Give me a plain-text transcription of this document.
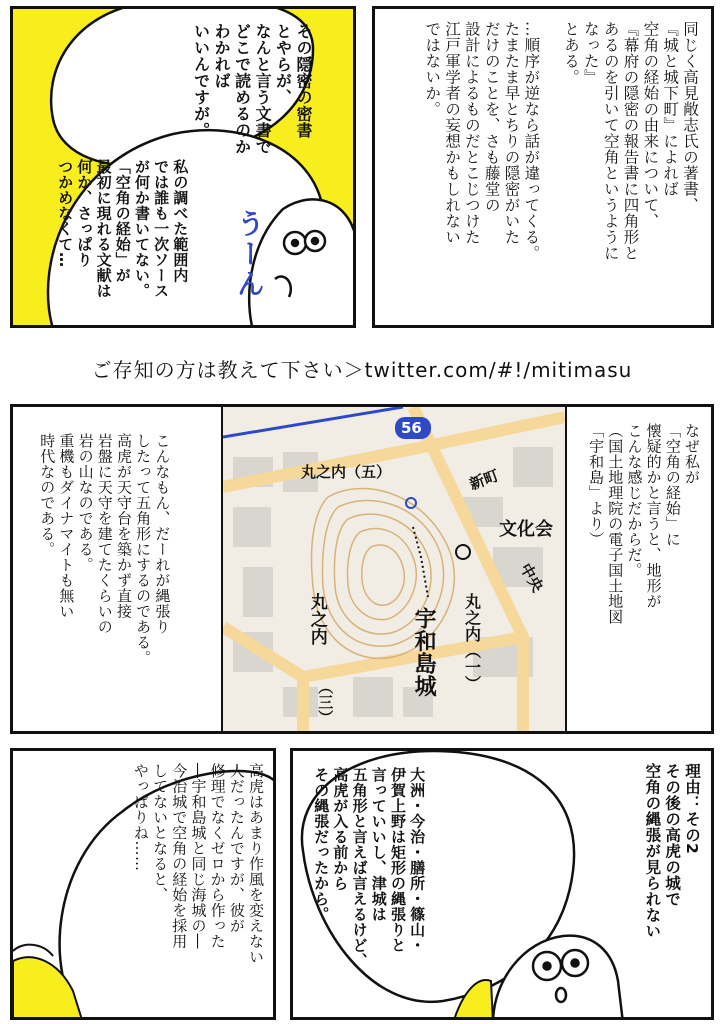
その隠密の密書
とやらが、
なんと言う文書で
どこで読めるのか
わかれば
いいんですが。
私の調べた範囲内
では誰も一次ソース
が何か書いてない。
「空角の経始」が
最初に現れる文献は
何か、さっぱり
つかめなくて…	うーん
同じく高見敞志氏の著書、
『城と城下町』によれば
空角の経始の由来について、
『幕府の隠密の報告書に四角形と
あるのを引いて空角というように
なった』
とある。

…順序が逆なら話が違ってくる。
たまたま早とちりの隠密がいた
だけのことを、さも藤堂の
設計によるものだとこじつけた
江戸軍学者の妄想かもしれない
ではないか。
ご存知の方は教えて下さい＞twitter.com/#!/mitimasu
なぜ私が
「空角の経始」に
懐疑的かと言うと、地形が
こんな感じだからだ。
（国土地理院の電子国土地図
「宇和島」より）
こんなもん、だーれが縄張り
したって五角形にするのである。
高虎が天守台を築かず直接
岩盤に天守を建てたくらいの
岩の山なのである。
重機もダイナマイトも無い
時代なのである。
56
丸之内（五）	新町
文化会
中央
丸之内	丸之内（一）
宇和島城
（三）
高虎はあまり作風を変えない
人だったんですが、彼が
修理でなくゼロから作った
―宇和島城と同じ海城の―
今治城で空角の経始を採用
してないとなると、
やっぱりね……	理由：その2
その後の高虎の城で
空角の縄張が見られない
大洲・今治・膳所・篠山・
伊賀上野は矩形の縄張りと
言っていいし、津城は
五角形と言えば言えるけど、
高虎が入る前から
その縄張だったから。
